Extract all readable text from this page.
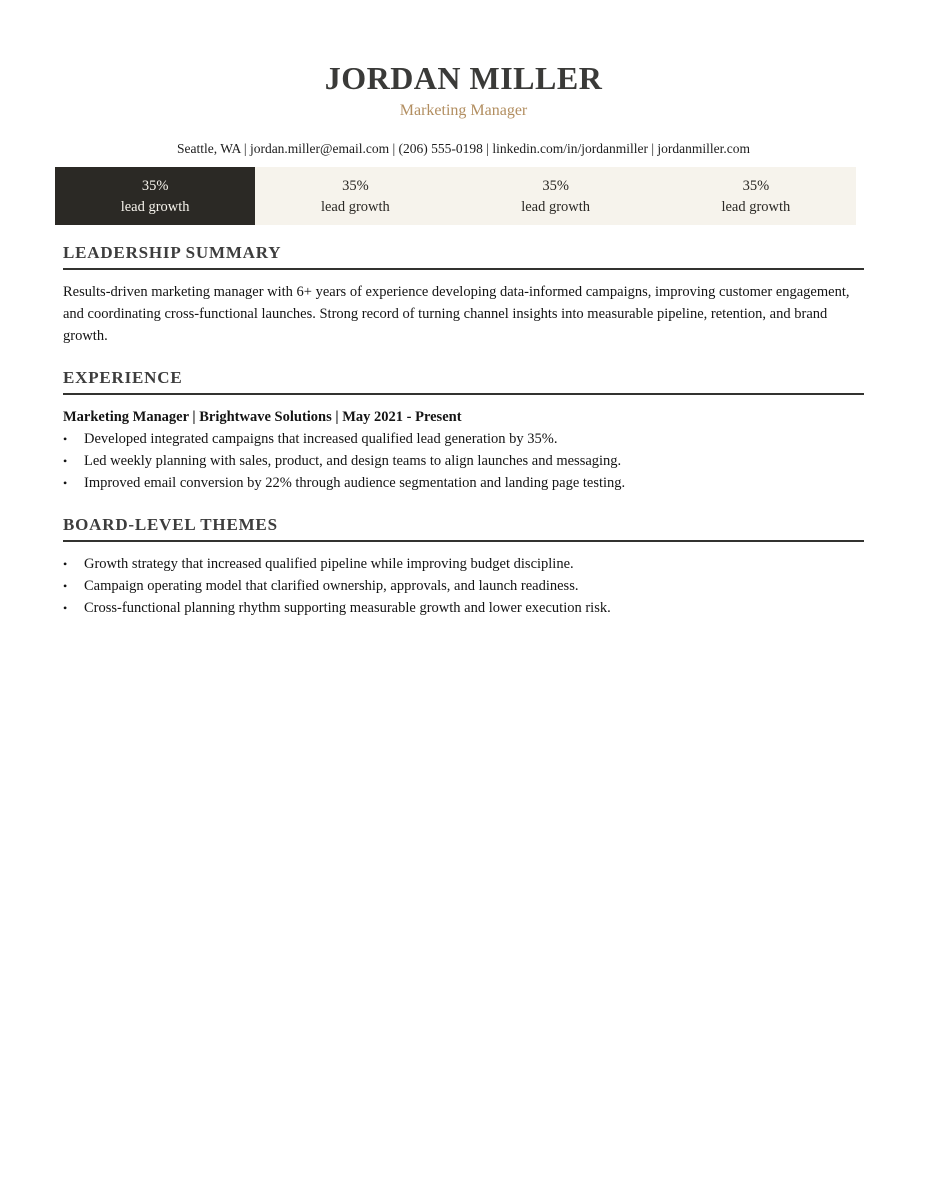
JORDAN MILLER
Marketing Manager
Seattle, WA | jordan.miller@email.com | (206) 555-0198 | linkedin.com/in/jordanmiller | jordanmiller.com
35%
lead growth
35%
lead growth
35%
lead growth
35%
lead growth
LEADERSHIP SUMMARY
Results-driven marketing manager with 6+ years of experience developing data-informed campaigns, improving customer engagement, and coordinating cross-functional launches. Strong record of turning channel insights into measurable pipeline, retention, and brand growth.
EXPERIENCE
Marketing Manager | Brightwave Solutions | May 2021 - Present
• Developed integrated campaigns that increased qualified lead generation by 35%.
• Led weekly planning with sales, product, and design teams to align launches and messaging.
• Improved email conversion by 22% through audience segmentation and landing page testing.
BOARD-LEVEL THEMES
• Growth strategy that increased qualified pipeline while improving budget discipline.
• Campaign operating model that clarified ownership, approvals, and launch readiness.
• Cross-functional planning rhythm supporting measurable growth and lower execution risk.
